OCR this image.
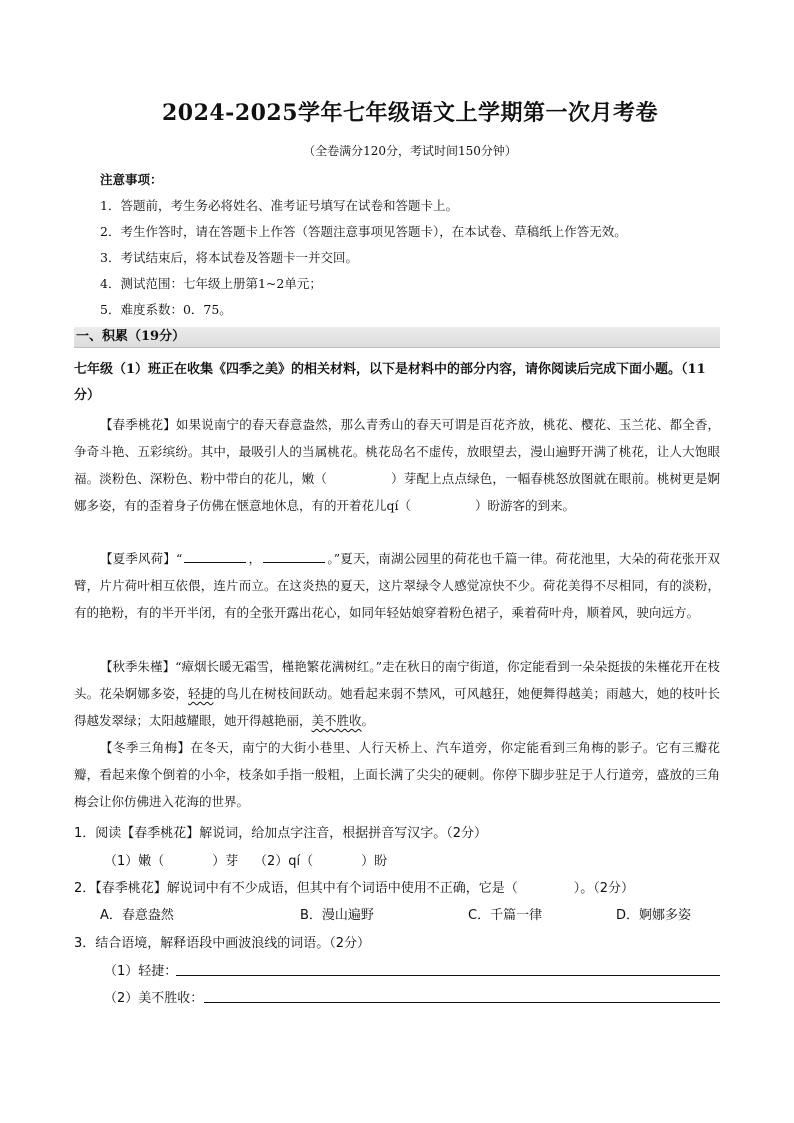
2024-2025学年七年级语文上学期第一次月考卷
（全卷满分120分，考试时间150分钟）
注意事项：
1．答题前，考生务必将姓名、准考证号填写在试卷和答题卡上。
2．考生作答时，请在答题卡上作答（答题注意事项见答题卡），在本试卷、草稿纸上作答无效。
3．考试结束后，将本试卷及答题卡一并交回。
4．测试范围：七年级上册第1~2单元；
5．难度系数：0．75。
一、积累（19分）
七年级（1）班正在收集《四季之美》的相关材料，以下是材料中的部分内容，请你阅读后完成下面小题。（11分）
【春季桃花】如果说南宁的春天春意盎然，那么青秀山的春天可谓是百花齐放，桃花、樱花、玉兰花、都全香，争奇斗艳、五彩缤纷。其中，最吸引人的当属桃花。桃花岛名不虚传，放眼望去，漫山遍野开满了桃花，让人大饱眼福。淡粉色、深粉色、粉中带白的花儿，嫩（	）芽配上点点绿色，一幅春桃怒放图就在眼前。桃树更是婀娜多姿，有的歪着身子仿佛在惬意地休息，有的开着花儿qí（	）盼游客的到来。
【夏季风荷】“	，	。”夏天，南湖公园里的荷花也千篇一律。荷花池里，大朵的荷花张开双臂，片片荷叶相互依偎，连片而立。在这炎热的夏天，这片翠绿令人感觉凉快不少。荷花美得不尽相同，有的淡粉，有的艳粉，有的半开半闭，有的全张开露出花心，如同年轻姑娘穿着粉色裙子，乘着荷叶舟，顺着风，驶向远方。
【秋季朱槿】“瘴烟长暖无霜雪，槿艳繁花满树红。”走在秋日的南宁街道，你定能看到一朵朵挺拔的朱槿花开在枝头。花朵婀娜多姿，轻捷的鸟儿在树枝间跃动。她看起来弱不禁风，可风越狂，她便舞得越美；雨越大，她的枝叶长得越发翠绿；太阳越耀眼，她开得越艳丽，美不胜收。
【冬季三角梅】在冬天，南宁的大街小巷里、人行天桥上、汽车道旁，你定能看到三角梅的影子。它有三瓣花瓣，看起来像个倒着的小伞，枝条如手指一般粗，上面长满了尖尖的硬刺。你停下脚步驻足于人行道旁，盛放的三角梅会让你仿佛进入花海的世界。
1．阅读【春季桃花】解说词，给加点字注音，根据拼音写汉字。（2分）
（1）嫩（	）芽 （2）qí（	）盼
2．【春季桃花】解说词中有不少成语，但其中有个词语中使用不正确，它是（	）。（2分）
A．春意盎然	B．漫山遍野	C．千篇一律	D．婀娜多姿
3．结合语境，解释语段中画波浪线的词语。（2分）
（1）轻捷：
（2）美不胜收：
